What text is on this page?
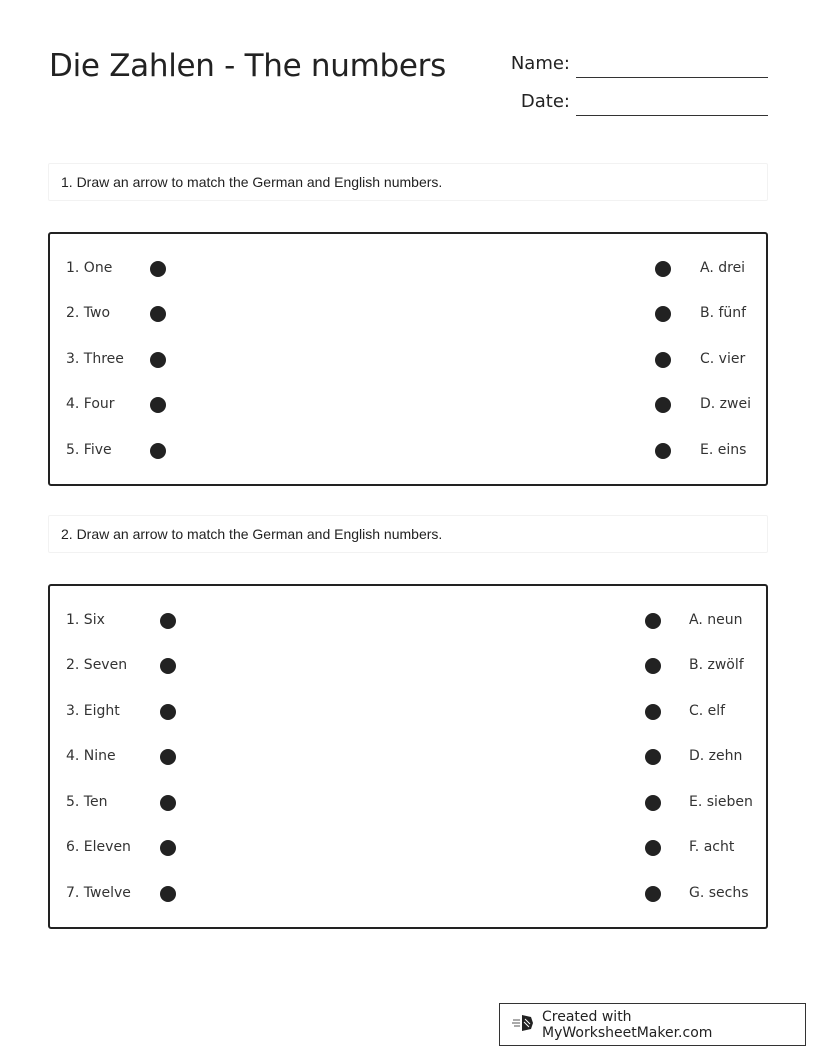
Die Zahlen - The numbers	Name:
Date:
1. Draw an arrow to match the German and English numbers.
1. One	A. drei
2. Two	B. fünf
3. Three	C. vier
4. Four	D. zwei
5. Five	E. eins
2. Draw an arrow to match the German and English numbers.
1. Six	A. neun
2. Seven	B. zwölf
3. Eight	C. elf
4. Nine	D. zehn
5. Ten	E. sieben
6. Eleven	F. acht
7. Twelve	G. sechs
Created with MyWorksheetMaker.com
